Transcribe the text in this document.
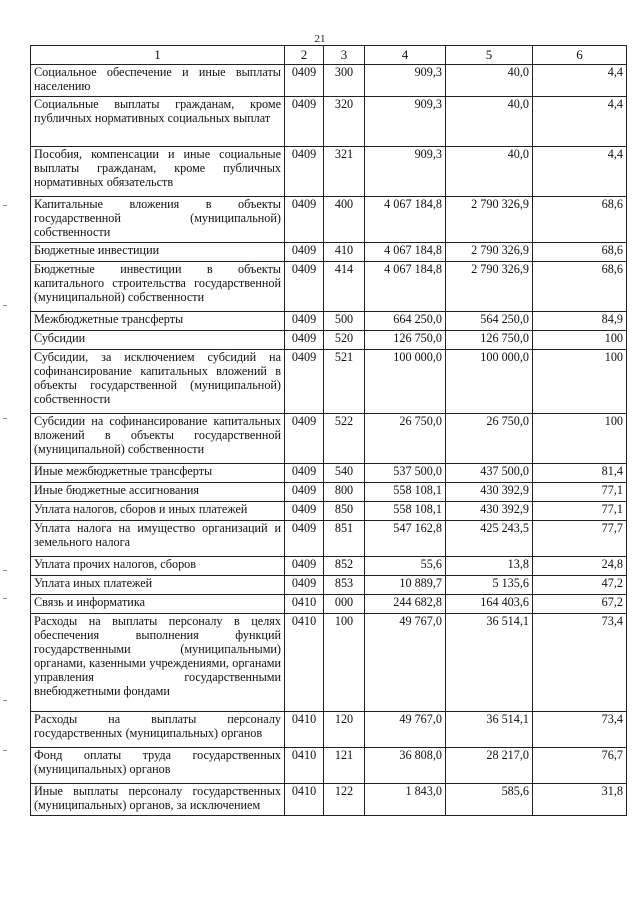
21
1	2	3	4	5	6
Социальное обеспечение и иные выплаты населению	0409	300	909,3	40,0	4,4
Социальные выплаты гражданам, кроме публичных нормативных социальных выплат	0409	320	909,3	40,0	4,4
Пособия, компенсации и иные социальные выплаты гражданам, кроме публичных нормативных обязательств	0409	321	909,3	40,0	4,4
Капитальные вложения в объекты государственной (муниципальной) собственности	0409	400	4 067 184,8	2 790 326,9	68,6
Бюджетные инвестиции	0409	410	4 067 184,8	2 790 326,9	68,6
Бюджетные инвестиции в объекты капитального строительства государственной (муниципальной) собственности	0409	414	4 067 184,8	2 790 326,9	68,6
Межбюджетные трансферты	0409	500	664 250,0	564 250,0	84,9
Субсидии	0409	520	126 750,0	126 750,0	100
Субсидии, за исключением субсидий на софинансирование капитальных вложений в объекты государственной (муниципальной) собственности	0409	521	100 000,0	100 000,0	100
Субсидии на софинансирование капитальных вложений в объекты государственной (муниципальной) собственности	0409	522	26 750,0	26 750,0	100
Иные межбюджетные трансферты	0409	540	537 500,0	437 500,0	81,4
Иные бюджетные ассигнования	0409	800	558 108,1	430 392,9	77,1
Уплата налогов, сборов и иных платежей	0409	850	558 108,1	430 392,9	77,1
Уплата налога на имущество организаций и земельного налога	0409	851	547 162,8	425 243,5	77,7
Уплата прочих налогов, сборов	0409	852	55,6	13,8	24,8
Уплата иных платежей	0409	853	10 889,7	5 135,6	47,2
Связь и информатика	0410	000	244 682,8	164 403,6	67,2
Расходы на выплаты персоналу в целях обеспечения выполнения функций государственными (муниципальными) органами, казенными учреждениями, органами управления государственными внебюджетными фондами	0410	100	49 767,0	36 514,1	73,4
Расходы на выплаты персоналу государственных (муниципальных) органов	0410	120	49 767,0	36 514,1	73,4
Фонд оплаты труда государственных (муниципальных) органов	0410	121	36 808,0	28 217,0	76,7
Иные выплаты персоналу государственных (муниципальных) органов, за исключением	0410	122	1 843,0	585,6	31,8
